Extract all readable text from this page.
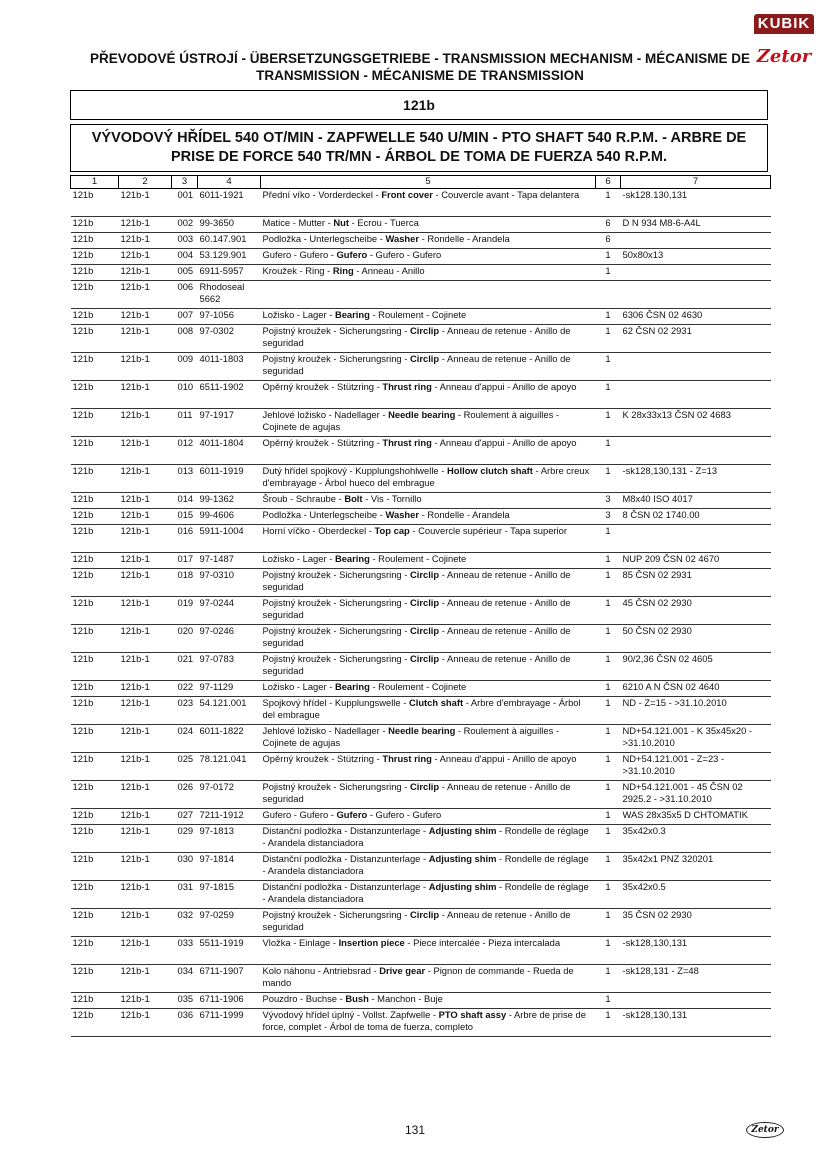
KUBIK
Zetor
PŘEVODOVÉ ÚSTROJÍ - ÜBERSETZUNGSGETRIEBE - TRANSMISSION MECHANISM - MÉCANISME DE TRANSMISSION - MÉCANISME DE TRANSMISSION
121b
VÝVODOVÝ HŘÍDEL 540 OT/MIN - ZAPFWELLE 540 U/MIN - PTO SHAFT 540 R.P.M. - ARBRE DE PRISE DE FORCE 540 TR/MN - ÁRBOL DE TOMA DE FUERZA 540 R.P.M.
1	2	3	4	5	6	7
121b	121b-1	001	6011-1921	Přední víko - Vorderdeckel - Front cover - Couvercle avant - Tapa delantera	1	-sk128.130,131
121b	121b-1	002	99-3650	Matice - Mutter - Nut - Ecrou - Tuerca	6	D N 934 M8-6-A4L
121b	121b-1	003	60.147.901	Podložka - Unterlegscheibe - Washer - Rondelle - Arandela	6	
121b	121b-1	004	53.129.901	Gufero - Gufero - Gufero - Gufero - Gufero	1	50x80x13
121b	121b-1	005	6911-5957	Kroužek - Ring - Ring - Anneau - Anillo	1	
121b	121b-1	006	Rhodoseal 5662			
121b	121b-1	007	97-1056	Ložisko - Lager - Bearing - Roulement - Cojinete	1	6306 ČSN 02 4630
121b	121b-1	008	97-0302	Pojistný kroužek - Sicherungsring - Circlip - Anneau de retenue - Anillo de seguridad	1	62 ČSN 02 2931
121b	121b-1	009	4011-1803	Pojistný kroužek - Sicherungsring - Circlip - Anneau de retenue - Anillo de seguridad	1	
121b	121b-1	010	6511-1902	Opěrný kroužek - Stützring - Thrust ring - Anneau d'appui - Anillo de apoyo	1	
121b	121b-1	011	97-1917	Jehlové ložisko - Nadellager - Needle bearing - Roulement à aiguilles - Cojinete de agujas	1	K 28x33x13 ČSN 02 4683
121b	121b-1	012	4011-1804	Opěrný kroužek - Stützring - Thrust ring - Anneau d'appui - Anillo de apoyo	1	
121b	121b-1	013	6011-1919	Dutý hřídel spojkový - Kupplungshohlwelle - Hollow clutch shaft - Arbre creux d'embrayage - Árbol hueco del embrague	1	-sk128,130,131 - Z=13
121b	121b-1	014	99-1362	Šroub - Schraube - Bolt - Vis - Tornillo	3	M8x40 ISO 4017
121b	121b-1	015	99-4606	Podložka - Unterlegscheibe - Washer - Rondelle - Arandela	3	8 ČSN 02 1740.00
121b	121b-1	016	5911-1004	Horní víčko - Oberdeckel - Top cap - Couvercle supérieur - Tapa superior	1	
121b	121b-1	017	97-1487	Ložisko - Lager - Bearing - Roulement - Cojinete	1	NUP 209 ČSN 02 4670
121b	121b-1	018	97-0310	Pojistný kroužek - Sicherungsring - Circlip - Anneau de retenue - Anillo de seguridad	1	85 ČSN 02 2931
121b	121b-1	019	97-0244	Pojistný kroužek - Sicherungsring - Circlip - Anneau de retenue - Anillo de seguridad	1	45 ČSN 02 2930
121b	121b-1	020	97-0246	Pojistný kroužek - Sicherungsring - Circlip - Anneau de retenue - Anillo de seguridad	1	50 ČSN 02 2930
121b	121b-1	021	97-0783	Pojistný kroužek - Sicherungsring - Circlip - Anneau de retenue - Anillo de seguridad	1	90/2,36 ČSN 02 4605
121b	121b-1	022	97-1129	Ložisko - Lager - Bearing - Roulement - Cojinete	1	6210 A N ČSN 02 4640
121b	121b-1	023	54.121.001	Spojkový hřídel - Kupplungswelle - Clutch shaft - Arbre d'embrayage - Árbol del embrague	1	ND - Z=15 - >31.10.2010
121b	121b-1	024	6011-1822	Jehlové ložisko - Nadellager - Needle bearing - Roulement à aiguilles - Cojinete de agujas	1	ND+54.121.001 - K 35x45x20 - >31.10.2010
121b	121b-1	025	78.121.041	Opěrný kroužek - Stützring - Thrust ring - Anneau d'appui - Anillo de apoyo	1	ND+54.121.001 - Z=23 - >31.10.2010
121b	121b-1	026	97-0172	Pojistný kroužek - Sicherungsring - Circlip - Anneau de retenue - Anillo de seguridad	1	ND+54.121.001 - 45 ČSN 02 2925.2 - >31.10.2010
121b	121b-1	027	7211-1912	Gufero - Gufero - Gufero - Gufero - Gufero	1	WAS 28x35x5 D CHTOMATIK
121b	121b-1	029	97-1813	Distanční podložka - Distanzunterlage - Adjusting shim - Rondelle de réglage - Arandela distanciadora	1	35x42x0.3
121b	121b-1	030	97-1814	Distanční podložka - Distanzunterlage - Adjusting shim - Rondelle de réglage - Arandela distanciadora	1	35x42x1 PNZ 320201
121b	121b-1	031	97-1815	Distanční podložka - Distanzunterlage - Adjusting shim - Rondelle de réglage - Arandela distanciadora	1	35x42x0.5
121b	121b-1	032	97-0259	Pojistný kroužek - Sicherungsring - Circlip - Anneau de retenue - Anillo de seguridad	1	35 ČSN 02 2930
121b	121b-1	033	5511-1919	Vložka - Einlage - Insertion piece - Piece intercalée - Pieza intercalada	1	-sk128,130,131
121b	121b-1	034	6711-1907	Kolo náhonu - Antriebsrad - Drive gear - Pignon de commande - Rueda de mando	1	-sk128,131 - Z=48
121b	121b-1	035	6711-1906	Pouzdro - Buchse - Bush - Manchon - Buje	1	
121b	121b-1	036	6711-1999	Vývodový hřídel úplný - Vollst. Zapfwelle - PTO shaft assy - Arbre de prise de force, complet - Árbol de toma de fuerza, completo	1	-sk128,130,131
131	Zetor
